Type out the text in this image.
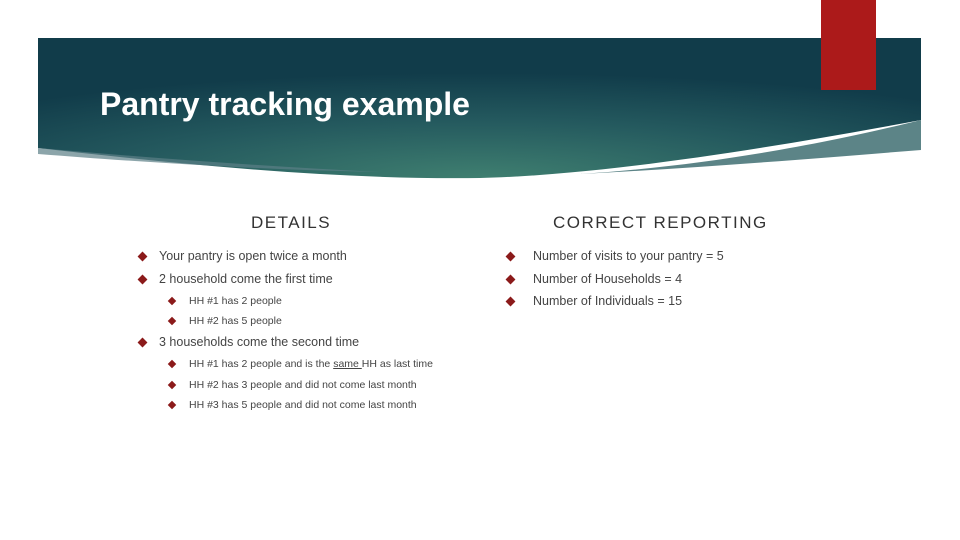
Pantry tracking example
DETAILS	CORRECT REPORTING
Your pantry is open twice a month
2 household come the first time
HH #1 has 2 people
HH #2 has 5 people
3 households come the second time
HH #1 has 2 people and is the same HH as last time
HH #2 has 3 people and did not come last month
HH #3 has 5 people and did not come last month
Number of visits to your pantry = 5
Number of Households = 4
Number of Individuals = 15
